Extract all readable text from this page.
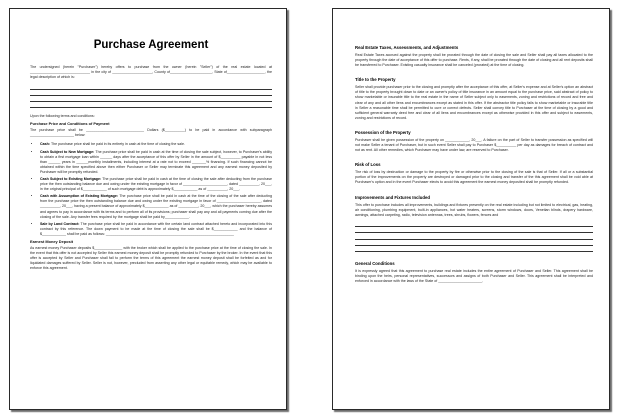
Purchase Agreement
The undersigned (herein "Purchaser") hereby offers to purchase from the owner (herein "Seller") of the real estate located at ______________________________ in the city of ____________________, County of_____________________, State of___________________, the legal description of which is:
Upon the following terms and conditions:
Purchase Price and Conditions of Payment
The purchase price shall be _____________________________ Dollars ($__________) to be paid in accordance with subparagraph ______________________ below:
• Cash: The purchase price shall be paid in its entirety in cash at the time of closing the sale.
• Cash Subject to New Mortgage: The purchase price shall be paid in cash at the time of closing the sale subject, however, to Purchaser's ability to obtain a first mortgage loan within ______ days after the acceptance of this offer by Seller in the amount of $__________ payable in not less than ______ years in ______monthly installments, including interest at a rate not to exceed _______% financing. If such financing cannot be obtained within the time specified above then either Purchaser or Seller may terminate this agreement and any earnest money deposited by Purchaser will be promptly refunded.
• Cash Subject to Existing Mortgage: The purchase price shall be paid in cash at the time of closing the sale after deducting from the purchase price the then outstanding balance due and owing under the existing mortgage in favor of ______________________, dated __________, 20___, in the original principal of $____________ of such mortgage debt is approximately $____________ as of __________, 20___.
• Cash with Assumption of Existing Mortgage: The purchase price shall be paid in cash at the time of the closing of the sale after deducting from the purchase price the then outstanding balance due and owing under the existing mortgage in favor of ______________________, dated __________, 20___, having a present balance of approximately $____________ as of __________, 20___, which the purchaser hereby assumes and agrees to pay in accordance with its terms and to perform all of its provisions; purchaser shall pay any and all payments coming due after the closing of the sale. Any transfer fees required by the mortgage shall be paid by____________.
• Sale by Land Contract: The purchase price shall be paid in accordance with the certain land contract attached hereto and incorporated into this contract by this reference. The down payment to be made at the time of closing the sale shall be $____________ and the balance of $____________ shall be paid as follows: ________________________________________________________________
Earnest Money Deposit
As earnest money Purchaser deposits $______________ with the broker which shall be applied to the purchase price at the time of closing the sale. In the event that this offer is not accepted by Seller this earnest money deposit shall be promptly refunded to Purchaser by the broker. In the event that this offer is accepted by Seller and Purchaser shall fail to perform the terms of this agreement the earnest money deposit shall be forfeited as and for liquidated damages suffered by Seller. Seller is not, however, precluded from asserting any other legal or equitable remedy, which may be available to enforce this agreement.
Real Estate Taxes, Assessments, and Adjustments
Real Estate Taxes accrued against the property shall be prorated through the date of closing the sale and Seller shall pay all taxes allocated to the property through the date of acceptance of this offer to purchase. Rents, if any, shall be prorated through the date of closing and all rent deposits shall be transferred to Purchaser. Existing casualty insurance shall be canceled (prorated) at the time of closing.
Title to the Property
Seller shall provide purchaser prior to the closing and promptly after the acceptance of this offer, at Seller's expense and at Seller's option an abstract of title to the property brought down to date or an owner's policy of title insurance in an amount equal to the purchase price, said abstract of policy to show marketable or insurable title to the real estate in the name of Seller subject only to easements, zoning and restrictions of record and free and clear of any and all other liens and encumbrances except as stated in this offer. If the abstractor title policy fails to show marketable or insurable title in Seller a reasonable time shall be permitted to cure or correct defects. Seller shall convey title to Purchaser at the time of closing by a good and sufficient general warranty deed free and clear of all liens and encumbrances except as otherwise provided in this offer and subject to easements, zoning and restrictions of record.
Possession of the Property
Purchaser shall be given possession of the property on ____________, 20___. A failure on the part of Seller to transfer possession as specified will not make Seller a tenant of Purchaser, but in such event Seller shall pay to Purchaser $__________ per day as damages for breach of contract and not as rent. All other remedies, which Purchaser may have under law, are reserved to Purchaser.
Risk of Loss
The risk of loss by destruction or damage to the property by fire or otherwise prior to the closing of the sale is that of Seller. If all or a substantial portion of the improvements on the property are destroyed or damaged prior to the closing and transfer of the this agreement shall be void able at Purchaser's option and in the event Purchaser elects to avoid this agreement the earnest money deposited shall be promptly refunded.
Improvements and Fixtures Included
This offer to purchase includes all improvements, buildings and fixtures presently on the real estate including but not limited to electrical, gas, heating, air conditioning, plumbing equipment, built-in appliances, hot water heaters, screens, storm windows, doors, Venetian blinds, drapery hardware, awnings, attached carpeting, radio, television antennas, trees, shrubs, flowers, fences and
General Conditions
It is expressly agreed that this agreement to purchase real estate includes the entire agreement of Purchaser and Seller. This agreement shall be binding upon the heirs, personal representatives, successors and assigns of both Purchaser and Seller. This agreement shall be interpreted and enforced in accordance with the laws of the State of ______________________.
